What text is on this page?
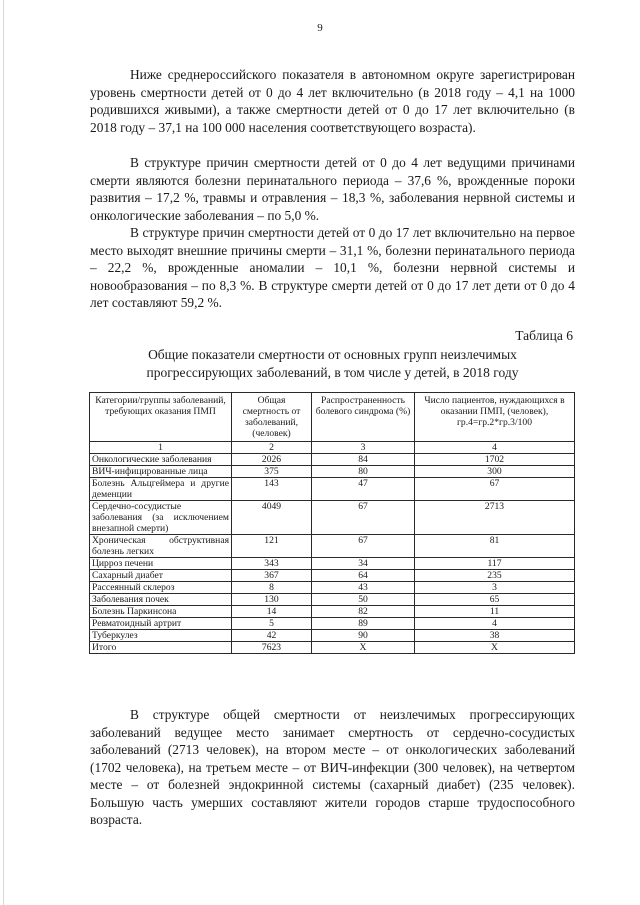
9

Ниже среднероссийского показателя в автономном округе зарегистрирован уровень смертности детей от 0 до 4 лет включительно (в 2018 году – 4,1 на 1000 родившихся живыми), а также смертности детей от 0 до 17 лет включительно (в 2018 году – 37,1 на 100 000 населения соответствующего возраста).

В структуре причин смертности детей от 0 до 4 лет ведущими причинами смерти являются болезни перинатального периода – 37,6 %, врожденные пороки развития – 17,2 %, травмы и отравления – 18,3 %, заболевания нервной системы и онкологические заболевания – по 5,0 %.

В структуре причин смертности детей от 0 до 17 лет включительно на первое место выходят внешние причины смерти – 31,1 %, болезни перинатального периода – 22,2 %, врожденные аномалии – 10,1 %, болезни нервной системы и новообразования – по 8,3 %. В структуре смерти детей от 0 до 17 лет дети от 0 до 4 лет составляют 59,2 %.

Таблица 6
Общие показатели смертности от основных групп неизлечимых
прогрессирующих заболеваний, в том числе у детей, в 2018 году
Категории/группы заболеваний, требующих оказания ПМП	Общая смертность от заболеваний, (человек)	Распространенность болевого синдрома (%)	Число пациентов, нуждающихся в оказании ПМП, (человек), гр.4=гр.2*гр.3/100
1	2	3	4
Онкологические заболевания	2026	84	1702
ВИЧ-инфицированные лица	375	80	300
Болезнь Альцгеймера и другие деменции	143	47	67
Сердечно-сосудистые заболевания (за исключением внезапной смерти)	4049	67	2713
Хроническая обструктивная болезнь легких	121	67	81
Цирроз печени	343	34	117
Сахарный диабет	367	64	235
Рассеянный склероз	8	43	3
Заболевания почек	130	50	65
Болезнь Паркинсона	14	82	11
Ревматоидный артрит	5	89	4
Туберкулез	42	90	38
Итого	7623	Х	Х

В структуре общей смертности от неизлечимых прогрессирующих заболеваний ведущее место занимает смертность от сердечно-сосудистых заболеваний (2713 человек), на втором месте – от онкологических заболеваний (1702 человека), на третьем месте – от ВИЧ-инфекции (300 человек), на четвертом месте – от болезней эндокринной системы (сахарный диабет) (235 человек). Большую часть умерших составляют жители городов старше трудоспособного возраста.
